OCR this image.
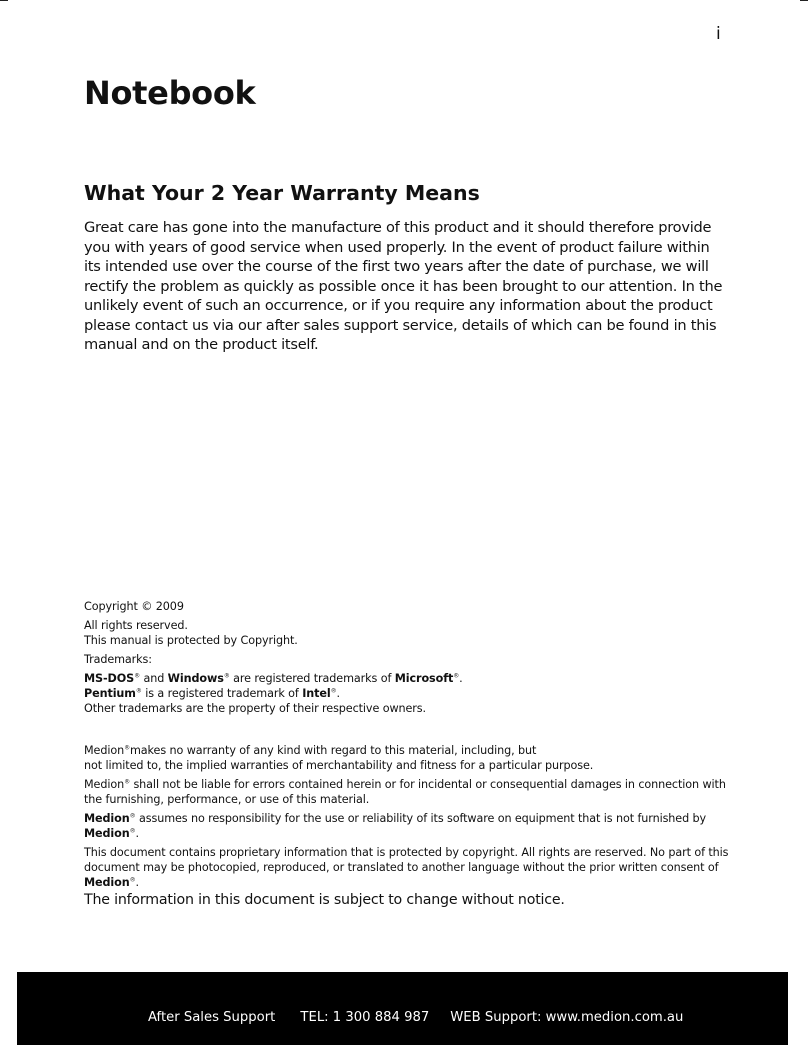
i
Notebook
What Your 2 Year Warranty Means

Great care has gone into the manufacture of this product and it should therefore provide you with years of good service when used properly. In the event of product failure within its intended use over the course of the first two years after the date of purchase, we will rectify the problem as quickly as possible once it has been brought to our attention. In the unlikely event of such an occurrence, or if you require any information about the product please contact us via our after sales support service, details of which can be found in this manual and on the product itself.

Copyright © 2009

All rights reserved.

This manual is protected by Copyright.

Trademarks:

MS-DOS® and Windows® are registered trademarks of Microsoft®.

Pentium® is a registered trademark of Intel®.

Other trademarks are the property of their respective owners.

Medion®makes no warranty of any kind with regard to this material, including, but

not limited to, the implied warranties of merchantability and fitness for a particular purpose.

Medion® shall not be liable for errors contained herein or for incidental or consequential damages in connection with the furnishing, performance, or use of this material.

Medion® assumes no responsibility for the use or reliability of its software on equipment that is not furnished by Medion®.

This document contains proprietary information that is protected by copyright. All rights are reserved. No part of this document may be photocopied, reproduced, or translated to another language without the prior written consent of Medion®.

The information in this document is subject to change without notice.

After Sales Support      TEL: 1 300 884 987     WEB Support: www.medion.com.au
